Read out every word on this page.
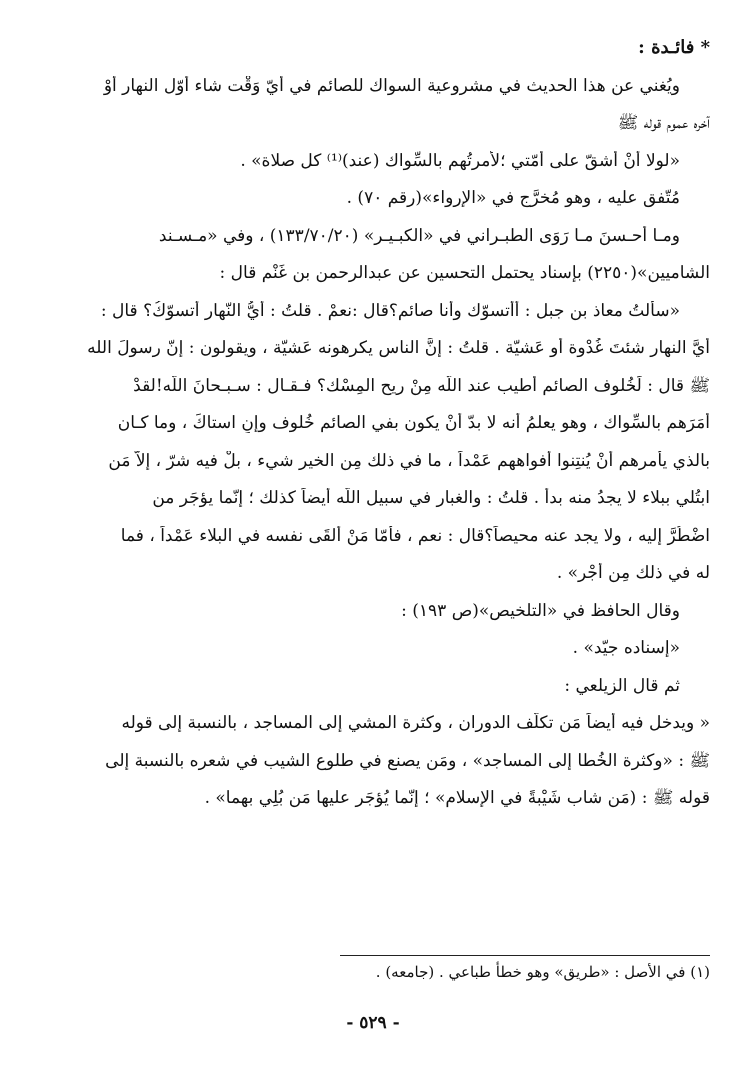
* فائـدة :
ويُغني عن هذا الحديث في مشروعية السواك للصائم في أيّ وَقْت شاء أوّل النهار أوْ
آخره عموم قوله ﷺ
«لولا أنْ أشقّ على أمّتي ؛لأمرتُهم بالسِّواك (عند)⁽¹⁾ كل صلاة» .
مُتّفق عليه ، وهو مُخرَّج في «الإرواء»(رقم ٧٠) .
ومـا أحـسنَ مـا رَوَى الطبـراني في «الكبـيـر» (١٣٣/٧٠/٢٠) ، وفي «مـسـند
الشاميين»(٢٢٥٠) بإسناد يحتمل التحسين عن عبدالرحمن بن غَنْم قال :
«سألتُ معاذ بن جبل : أأتسوّك وأنا صائم؟قال :نعمْ . قلتُ : أيُّ النّهار أتسوّكُ؟ قال :
أيَّ النهار شئتَ غُدْوة أو عَشيّة . قلتُ : إنَّ الناس يكرهونه عَشيّة ، ويقولون : إنّ رسولَ الله
ﷺ قال : لَخُلوف الصائم أطيب عند اللّه مِنْ ريح المِسْك؟ فـقـال : سـبـحانَ اللّه!لقدْ
أمَرَهم بالسِّواك ، وهو يعلمُ أنه لا بدّ أنْ يكون بفي الصائم خُلوف وإنِ استاكَ ، وما كـان
بالذي يأمرهم أنْ يُنتِنوا أفواههم عَمْداً ، ما في ذلك مِن الخير شيء ، بلْ فيه شرّ ، إلاّ مَنِ
ابتُلي ببلاء لا يجدُ منه بدأ . قلتُ : والغبار في سبيل اللّه أيضاً كذلك ؛ إنّما يؤجَر من
اضْطُرَّ إليه ، ولا يجد عنه محيصاً؟قال : نعم ، فأمّا مَنْ ألقَى نفسه في البلاء عَمْداً ، فما
له في ذلك مِن أجْر» .
وقال الحافظ في «التلخيص»(ص ١٩٣) :
«إسناده جيّد» .
ثم قال الزيلعي :
« ويدخل فيه أيضاً مَن تكلّف الدوران ، وكثرة المشي إلى المساجد ، بالنسبة إلى قوله
ﷺ : «وكثرة الخُطا إلى المساجد» ، ومَن يصنع في طلوع الشيب في شعره بالنسبة إلى
قوله ﷺ : (مَن شاب شَيْبةً في الإسلام» ؛ إنّما يُؤجَر عليها مَن بُلِي بهما» .
(١) في الأصل : «طريق» وهو خطأ طباعي . (جامعه) .
- ٥٢٩ -
